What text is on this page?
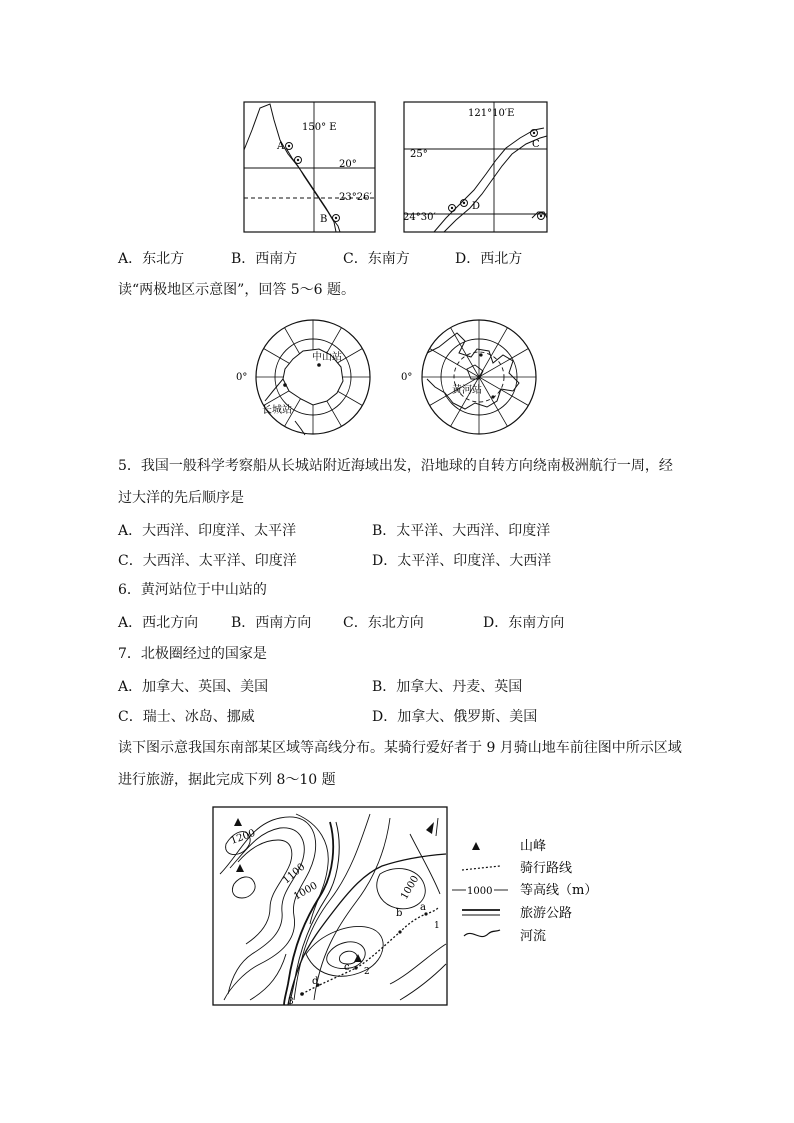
150° E
20°
23°26′
A
B
121°10′E
25°
24°30′
C
D
A．东北方	B．西南方	C．东南方	D．西北方
读“两极地区示意图”，回答 5～6 题。
0°
中山站
长城站
0°
黄河站
5．我国一般科学考察船从长城站附近海域出发，沿地球的自转方向绕南极洲航行一周，经
过大洋的先后顺序是
A．大西洋、印度洋、太平洋	B．太平洋、大西洋、印度洋
C．大西洋、太平洋、印度洋	D．太平洋、印度洋、大西洋
6．黄河站位于中山站的
A．西北方向 B．西南方向 C．东北方向	D．东南方向
7．北极圈经过的国家是
A．加拿大、英国、美国	B．加拿大、丹麦、英国
C．瑞士、冰岛、挪威	D．加拿大、俄罗斯、美国
读下图示意我国东南部某区域等高线分布。某骑行爱好者于 9 月骑山地车前往图中所示区域
进行旅游，据此完成下列 8～10 题
1200
1100
1000	1000
a
b
c
d
1
2
3
山峰
骑行路线
1000 等高线（m）
旅游公路
河流
